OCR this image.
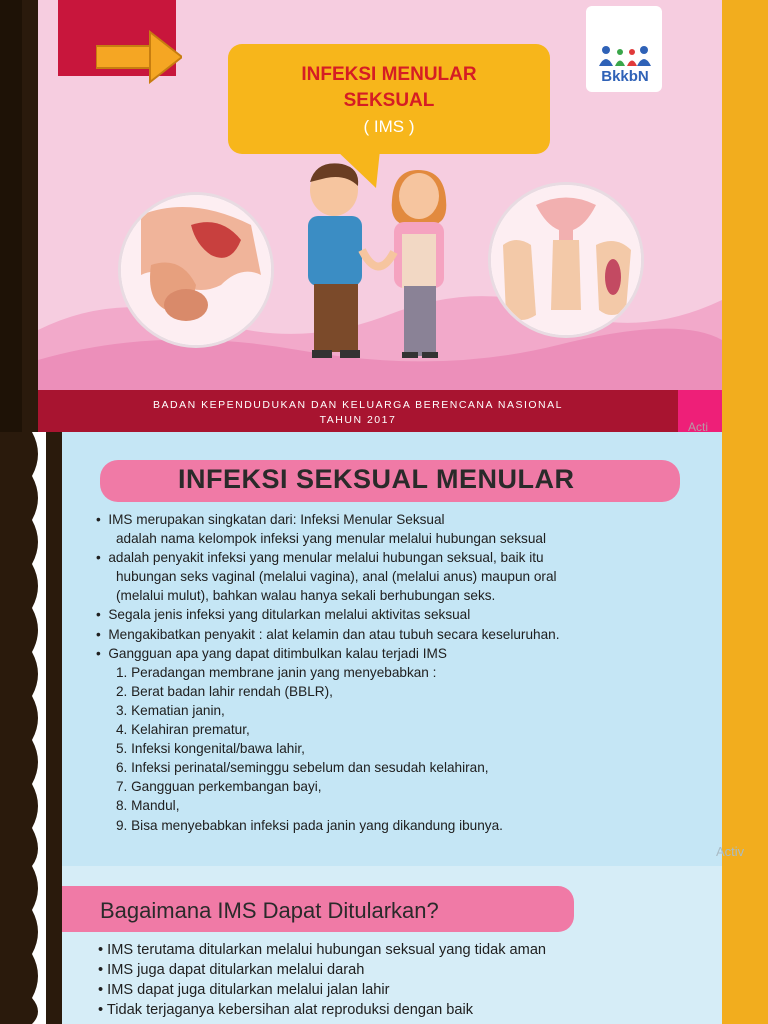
BkkbN
INFEKSI MENULAR
SEKSUAL
( IMS )
BADAN KEPENDUDUKAN DAN KELUARGA BERENCANA NASIONAL
TAHUN 2017	Acti
INFEKSI SEKSUAL MENULAR
•  IMS merupakan singkatan dari: Infeksi Menular Seksual
adalah nama kelompok infeksi yang menular melalui hubungan seksual
•  adalah penyakit infeksi yang menular melalui hubungan seksual, baik itu
hubungan seks vaginal (melalui vagina), anal (melalui anus) maupun oral
(melalui mulut), bahkan walau hanya sekali berhubungan seks.
•  Segala jenis infeksi yang ditularkan melalui aktivitas seksual
•  Mengakibatkan penyakit : alat kelamin dan atau tubuh secara keseluruhan.
•  Gangguan apa yang dapat ditimbulkan kalau terjadi IMS
1. Peradangan membrane janin yang menyebabkan :
2. Berat badan lahir rendah (BBLR),
3. Kematian janin,
4. Kelahiran prematur,
5. Infeksi kongenital/bawa lahir,
6. Infeksi perinatal/seminggu sebelum dan sesudah kelahiran,
7. Gangguan perkembangan bayi,
8. Mandul,
9. Bisa menyebabkan infeksi pada janin yang dikandung ibunya.
Activ
Bagaimana IMS Dapat Ditularkan?
• IMS terutama ditularkan melalui hubungan seksual yang tidak aman
• IMS juga dapat ditularkan melalui darah
• IMS dapat juga ditularkan melalui jalan lahir
• Tidak terjaganya kebersihan alat reproduksi dengan baik
